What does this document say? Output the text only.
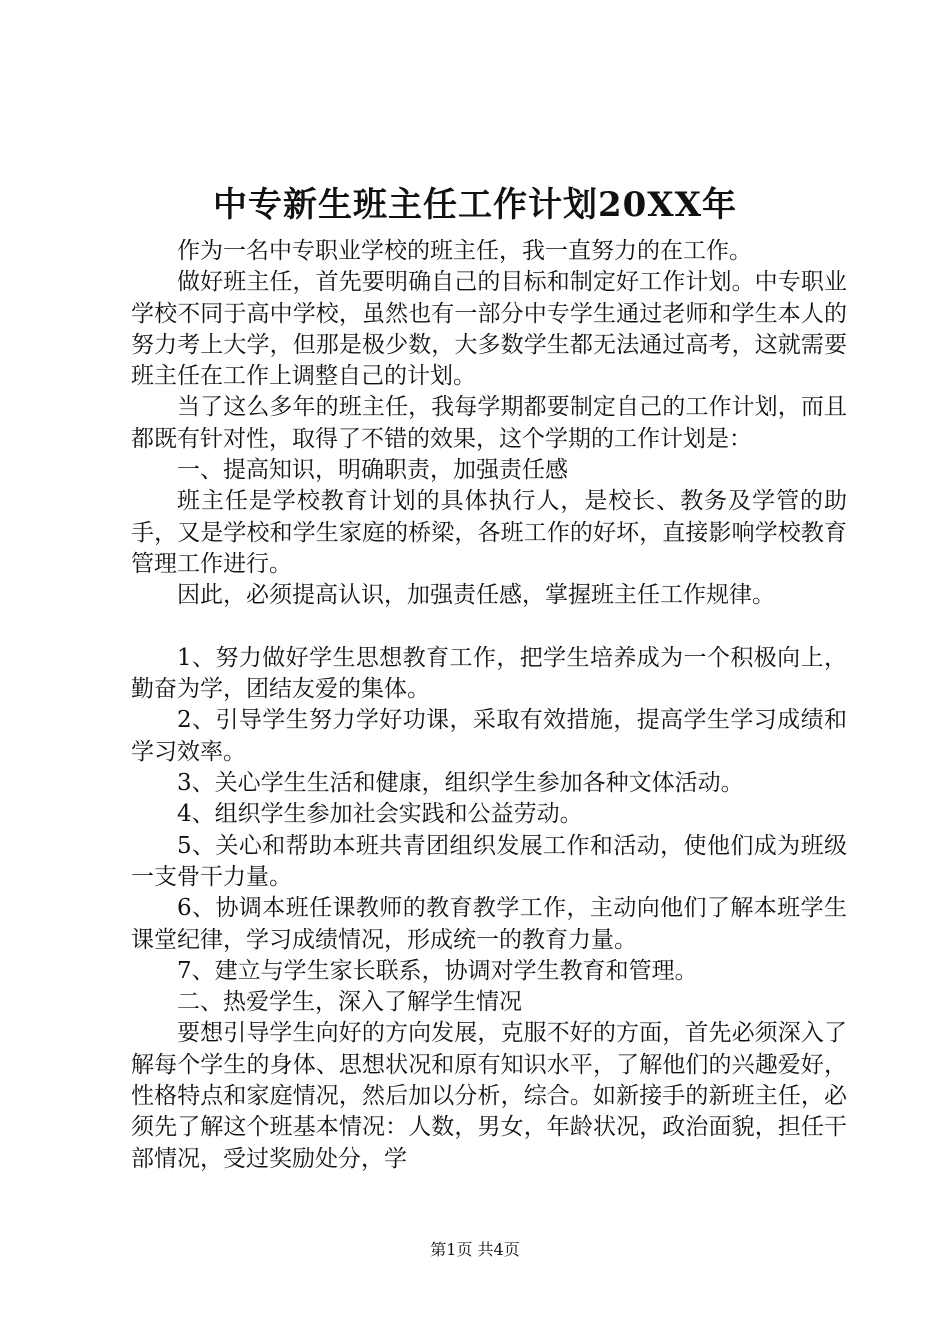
中专新生班主任工作计划20XX年

作为一名中专职业学校的班主任，我一直努力的在工作。

做好班主任，首先要明确自己的目标和制定好工作计划。中专职业学校不同于高中学校，虽然也有一部分中专学生通过老师和学生本人的努力考上大学，但那是极少数，大多数学生都无法通过高考，这就需要班主任在工作上调整自己的计划。

当了这么多年的班主任，我每学期都要制定自己的工作计划，而且都既有针对性，取得了不错的效果，这个学期的工作计划是：

一、提高知识，明确职责，加强责任感

班主任是学校教育计划的具体执行人，是校长、教务及学管的助手，又是学校和学生家庭的桥梁，各班工作的好坏，直接影响学校教育管理工作进行。

因此，必须提高认识，加强责任感，掌握班主任工作规律。

1、努力做好学生思想教育工作，把学生培养成为一个积极向上，勤奋为学，团结友爱的集体。

2、引导学生努力学好功课，采取有效措施，提高学生学习成绩和学习效率。

3、关心学生生活和健康，组织学生参加各种文体活动。

4、组织学生参加社会实践和公益劳动。

5、关心和帮助本班共青团组织发展工作和活动，使他们成为班级一支骨干力量。

6、协调本班任课教师的教育教学工作，主动向他们了解本班学生课堂纪律，学习成绩情况，形成统一的教育力量。

7、建立与学生家长联系，协调对学生教育和管理。

二、热爱学生，深入了解学生情况

要想引导学生向好的方向发展，克服不好的方面，首先必须深入了解每个学生的身体、思想状况和原有知识水平，了解他们的兴趣爱好，性格特点和家庭情况，然后加以分析，综合。如新接手的新班主任，必须先了解这个班基本情况：人数，男女，年龄状况，政治面貌，担任干部情况，受过奖励处分，学

第1页 共4页
